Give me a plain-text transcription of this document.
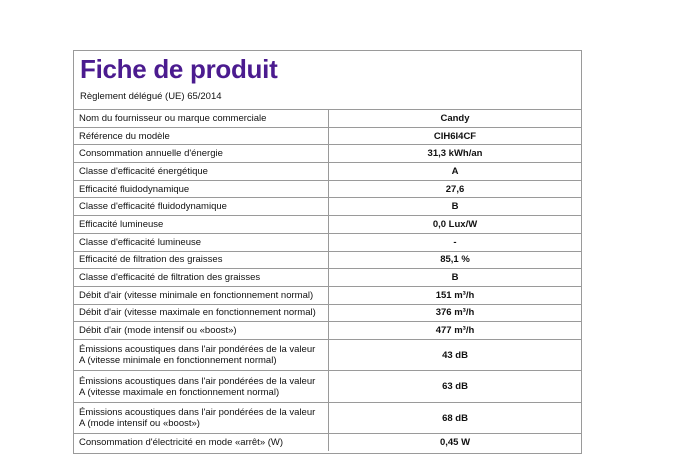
Fiche de produit
Règlement délégué (UE) 65/2014
Nom du fournisseur ou marque commerciale	Candy
Référence du modèle	CIH6I4CF
Consommation annuelle d'énergie	31,3 kWh/an
Classe d'efficacité énergétique	A
Efficacité fluidodynamique	27,6
Classe d'efficacité fluidodynamique	B
Efficacité lumineuse	0,0 Lux/W
Classe d'efficacité lumineuse	-
Efficacité de filtration des graisses	85,1 %
Classe d'efficacité de filtration des graisses	B
Débit d'air (vitesse minimale en fonctionnement normal)	151 m³/h
Débit d'air (vitesse maximale en fonctionnement normal)	376 m³/h
Débit d'air (mode intensif ou «boost»)	477 m³/h
Émissions acoustiques dans l'air pondérées de la valeur A (vitesse minimale en fonctionnement normal)	43 dB
Émissions acoustiques dans l'air pondérées de la valeur A (vitesse maximale en fonctionnement normal)	63 dB
Émissions acoustiques dans l'air pondérées de la valeur A (mode intensif ou «boost»)	68 dB
Consommation d'électricité en mode «arrêt» (W)	0,45 W
